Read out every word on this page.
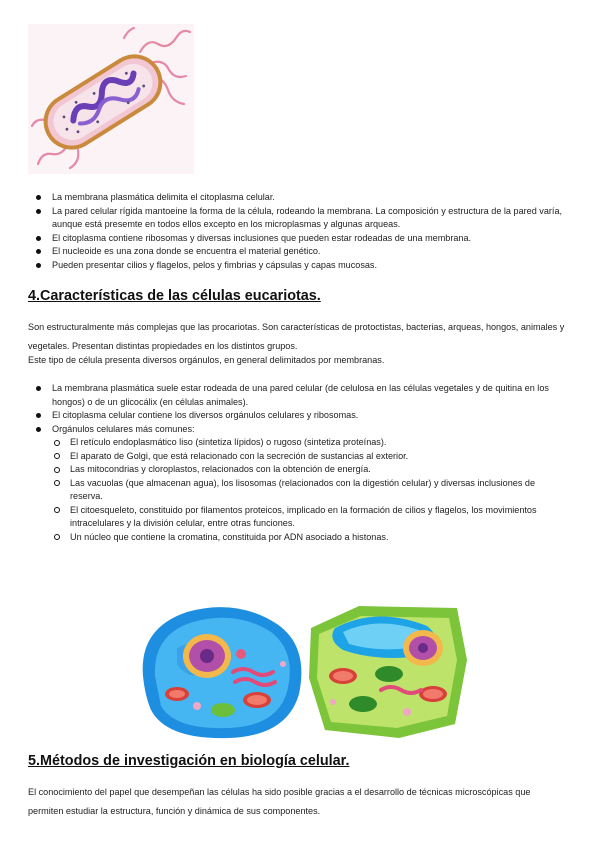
La membrana plasmática delimita el citoplasma celular.
La pared celular rígida mantoeine la forma de la célula, rodeando la membrana. La composición y estructura de la pared varía, aunque está presemte en todos ellos excepto en los microplasmas y algunas arqueas.
El citoplasma contiene ribosomas y diversas inclusiones que pueden estar rodeadas de una membrana.
El nucleoide es una zona donde se encuentra el material genético.
Pueden presentar cilios y flagelos, pelos y fimbrias y cápsulas y capas mucosas.
4.Características de las células eucariotas.

Son estructuralmente más complejas que las procariotas. Son características de protoctistas, bacterias, arqueas, hongos, animales y vegetales. Presentan distintas propiedades en los distintos grupos.

Este tipo de célula presenta diversos orgánulos, en general delimitados por membranas.

La membrana plasmática suele estar rodeada de una pared celular (de celulosa en las células vegetales y de quitina en los hongos) o de un glicocálix (en células animales).
El citoplasma celular contiene los diversos orgánulos celulares y ribosomas.
Orgánulos celulares más comunes:
El retículo endoplasmático liso (sintetiza lípidos) o rugoso (sintetiza proteínas).
El aparato de Golgi, que está relacionado con la secreción de sustancias al exterior.
Las mitocondrias y cloroplastos, relacionados con la obtención de energía.
Las vacuolas (que almacenan agua), los lisosomas (relacionados con la digestión celular) y diversas inclusiones de reserva.
El citoesqueleto, constituido por filamentos proteicos, implicado en la formación de cilios y flagelos, los movimientos intracelulares y la división celular, entre otras funciones.
Un núcleo que contiene la cromatina, constituida por ADN asociado a histonas.
5.Métodos de investigación en biología celular.

El conocimiento del papel que desempeñan las células ha sido posible gracias a el desarrollo de técnicas microscópicas que permiten estudiar la estructura, función y dinámica de sus componentes.
